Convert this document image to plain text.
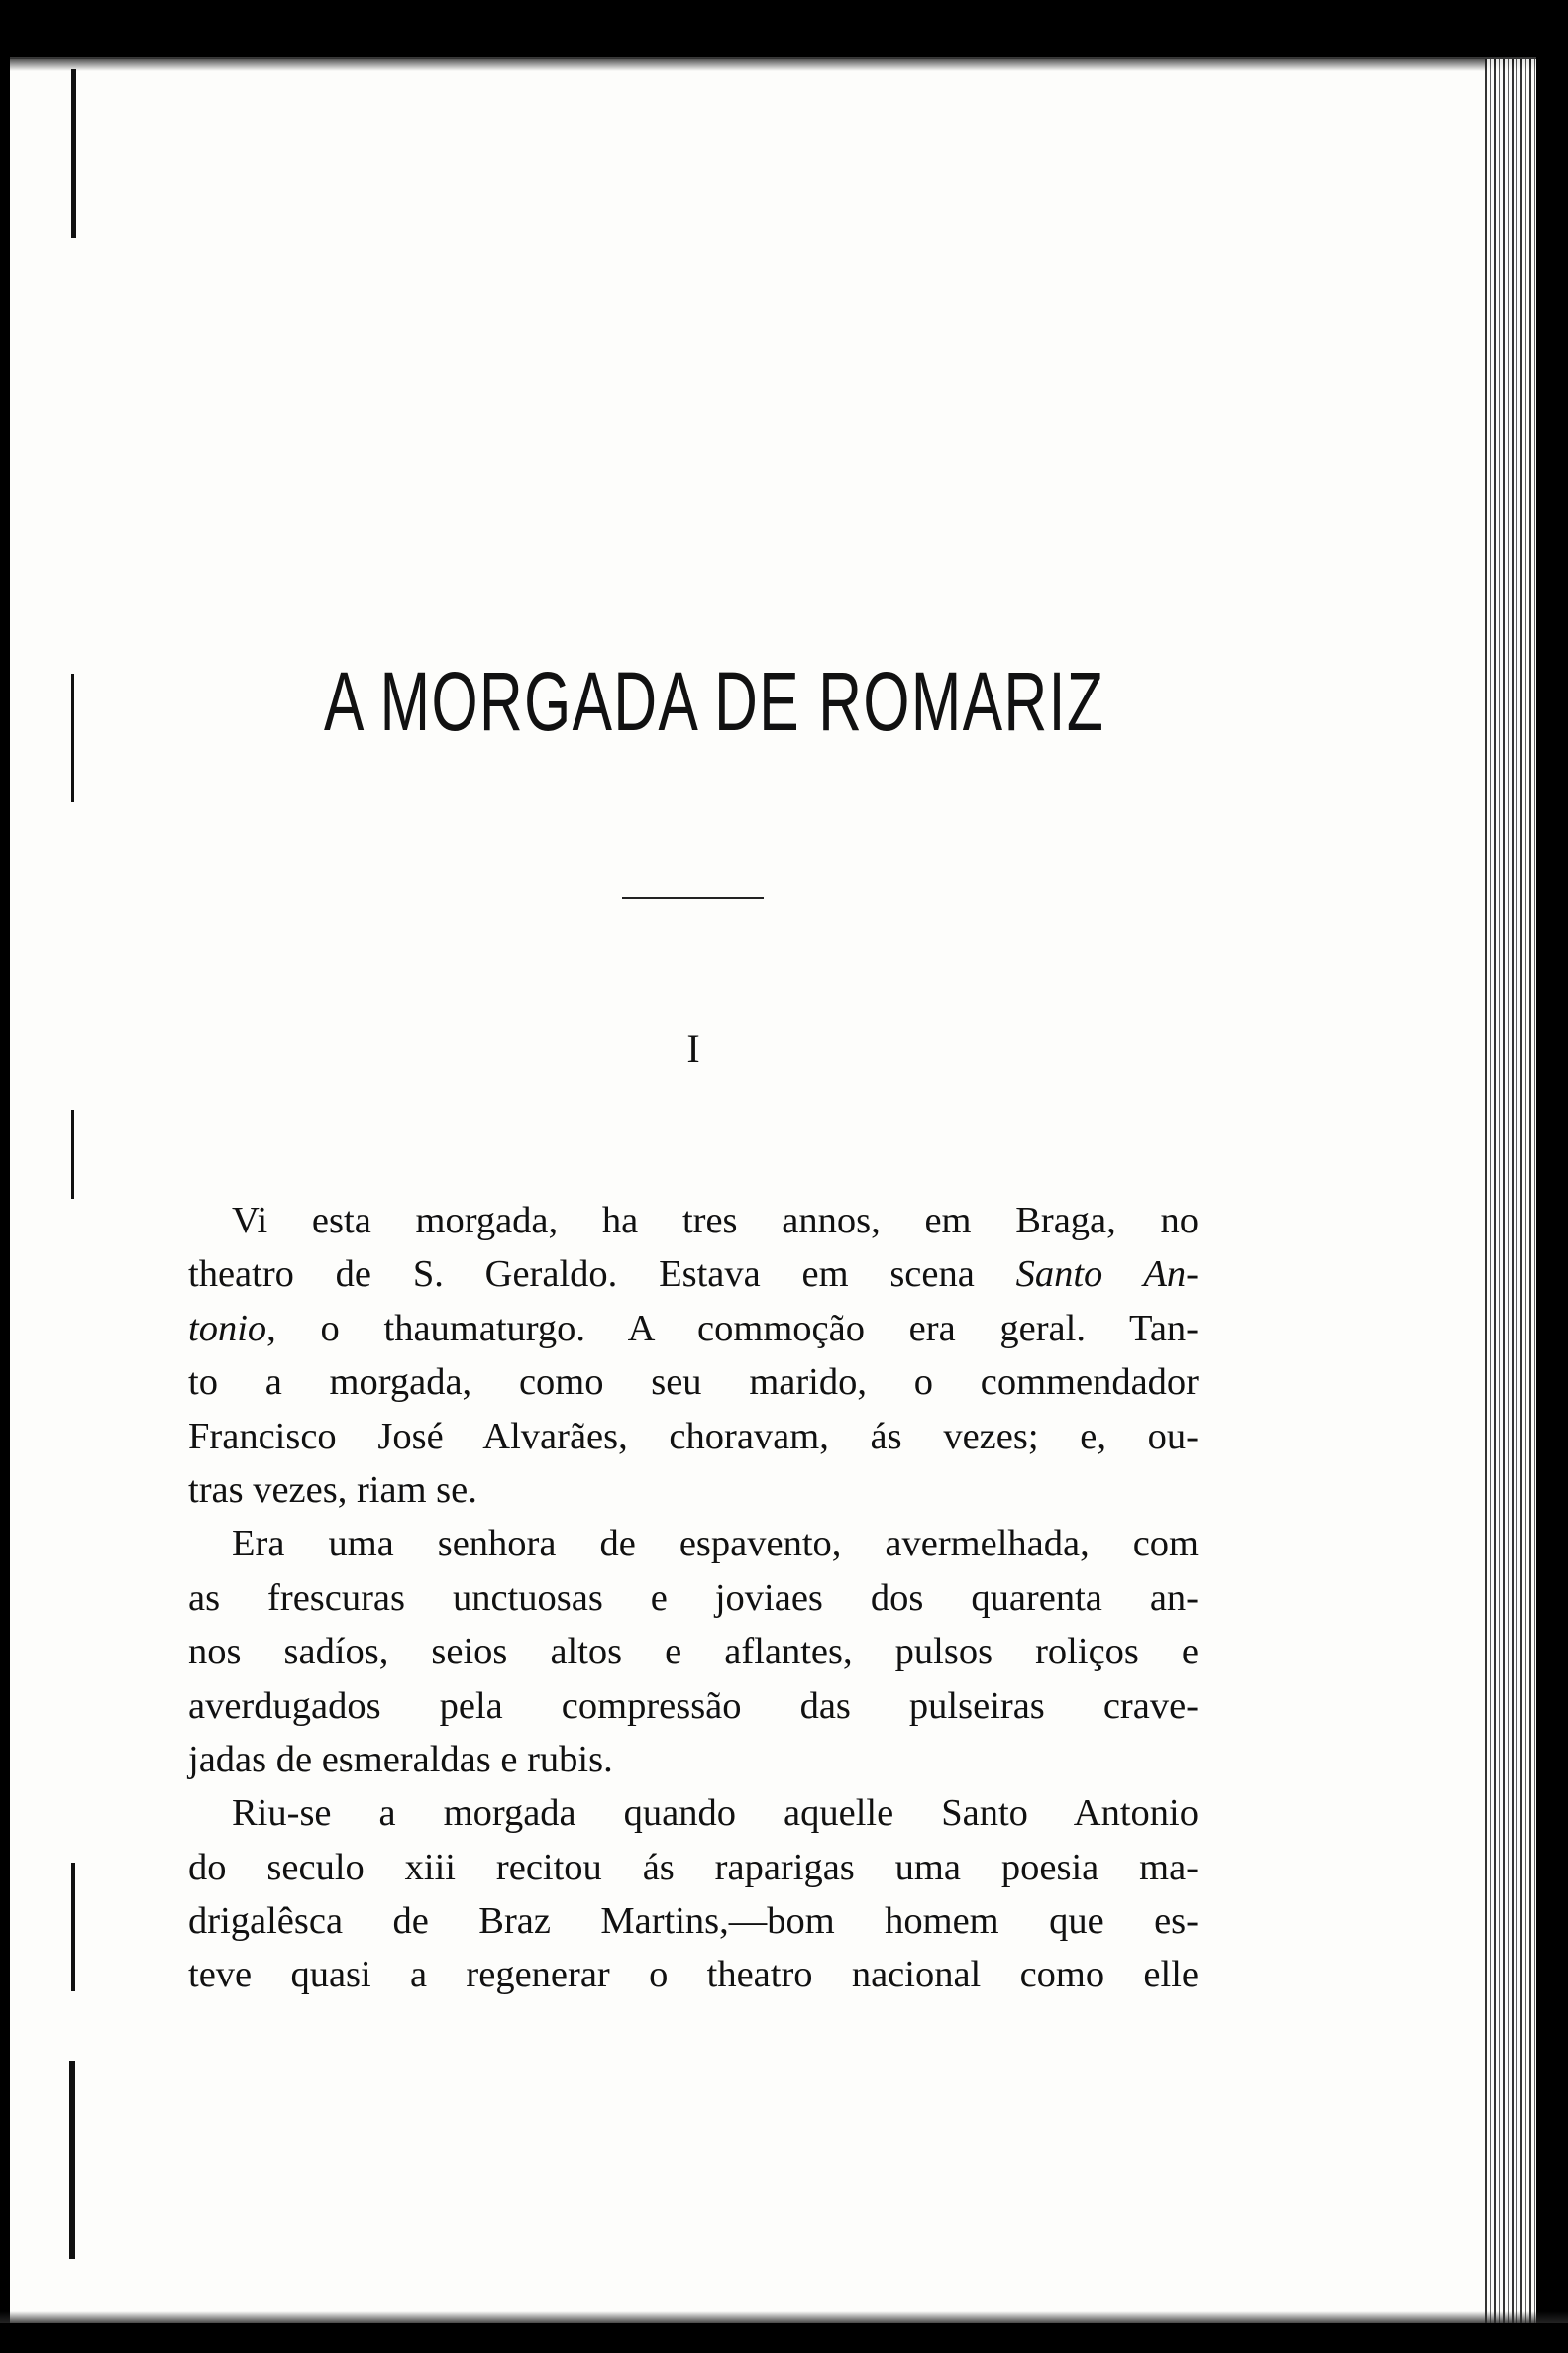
A MORGADA DE ROMARIZ
I
Vi esta morgada, ha tres annos, em Braga, no
theatro de S. Geraldo. Estava em scena Santo An-
tonio, o thaumaturgo. A commoção era geral. Tan-
to a morgada, como seu marido, o commendador
Francisco José Alvarães, choravam, ás vezes; e, ou-
tras vezes, riam se.
Era uma senhora de espavento, avermelhada, com
as frescuras unctuosas e joviaes dos quarenta an-
nos sadíos, seios altos e aflantes, pulsos roliços e
averdugados pela compressão das pulseiras crave-
jadas de esmeraldas e rubis.
Riu-se a morgada quando aquelle Santo Antonio
do seculo xiii recitou ás raparigas uma poesia ma-
drigalêsca de Braz Martins,—bom homem que es-
teve quasi a regenerar o theatro nacional como elle
